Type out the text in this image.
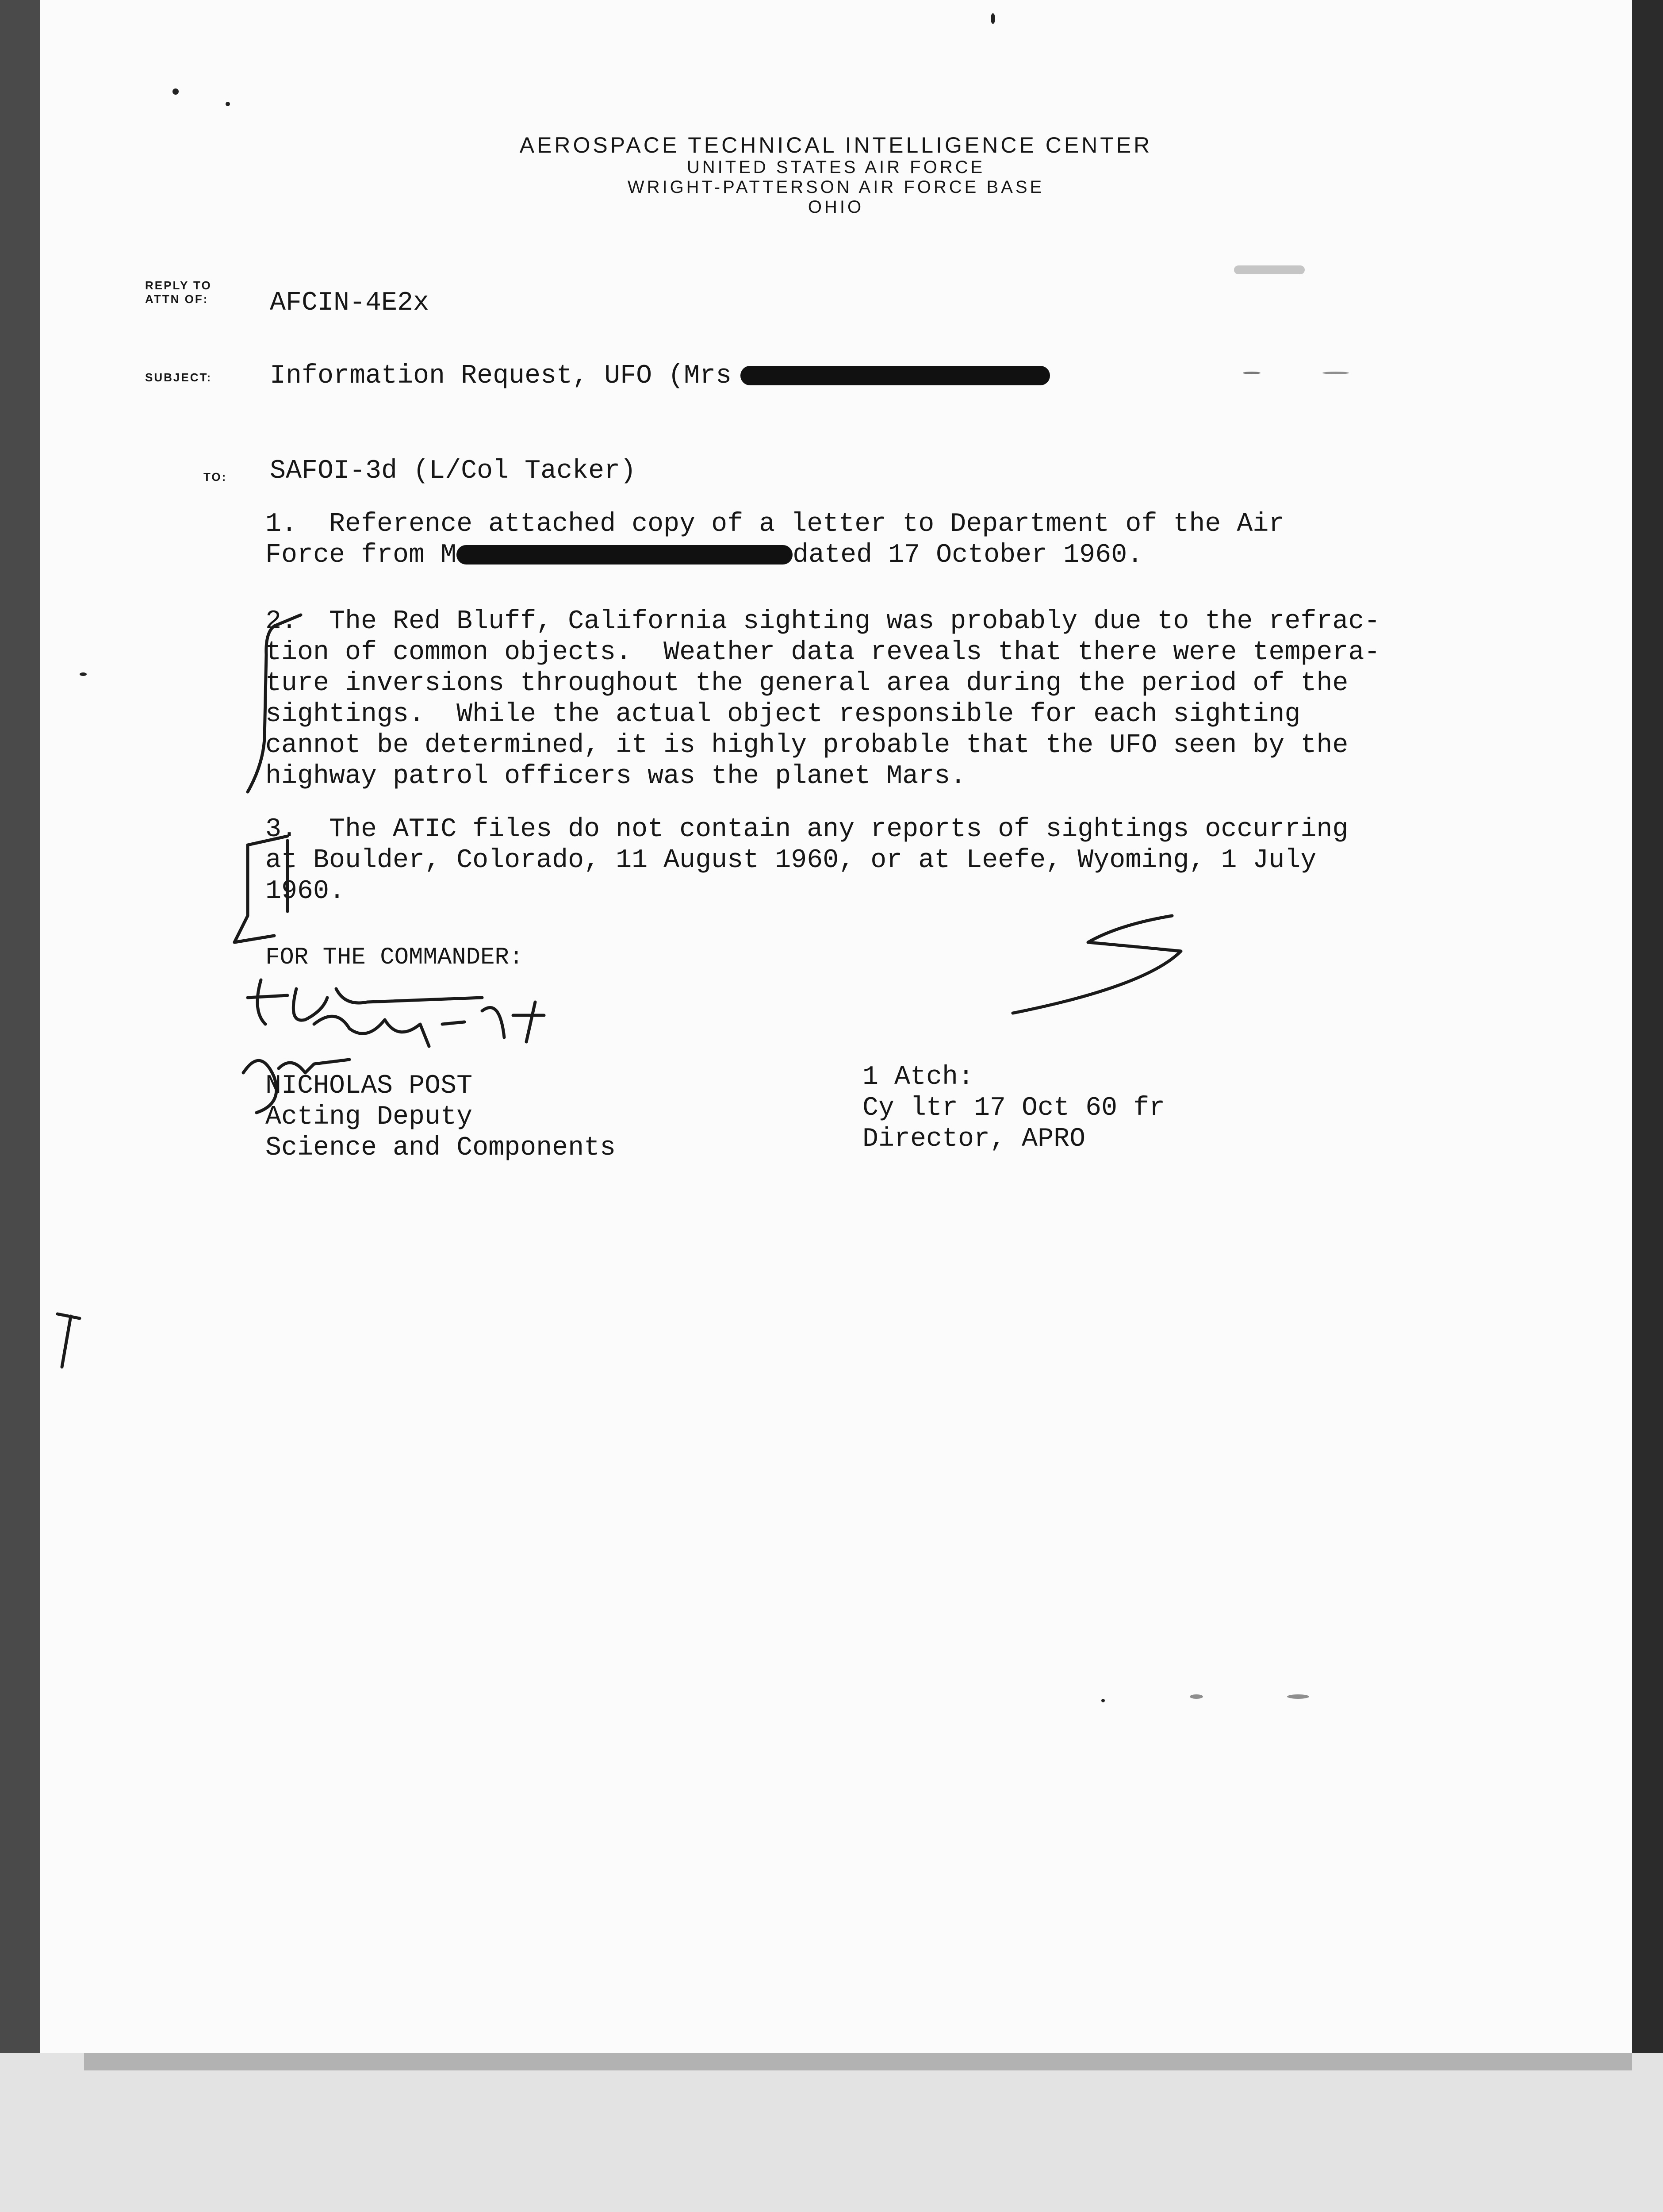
AEROSPACE TECHNICAL INTELLIGENCE CENTER
UNITED STATES AIR FORCE
WRIGHT-PATTERSON AIR FORCE BASE
OHIO
REPLY TO
ATTN OF: AFCIN-4E2x
SUBJECT: Information Request, UFO (Mrs
TO: SAFOI-3d (L/Col Tacker)
1.  Reference attached copy of a letter to Department of the Air
Force from M	dated 17 October 1960.
2.  The Red Bluff, California sighting was probably due to the refrac-
tion of common objects.  Weather data reveals that there were tempera-
ture inversions throughout the general area during the period of the
sightings.  While the actual object responsible for each sighting
cannot be determined, it is highly probable that the UFO seen by the
highway patrol officers was the planet Mars.
3.  The ATIC files do not contain any reports of sightings occurring
at Boulder, Colorado, 11 August 1960, or at Leefe, Wyoming, 1 July
1960.
FOR THE COMMANDER:
NICHOLAS POST
Acting Deputy
Science and Components
1 Atch:
Cy ltr 17 Oct 60 fr
Director, APRO
